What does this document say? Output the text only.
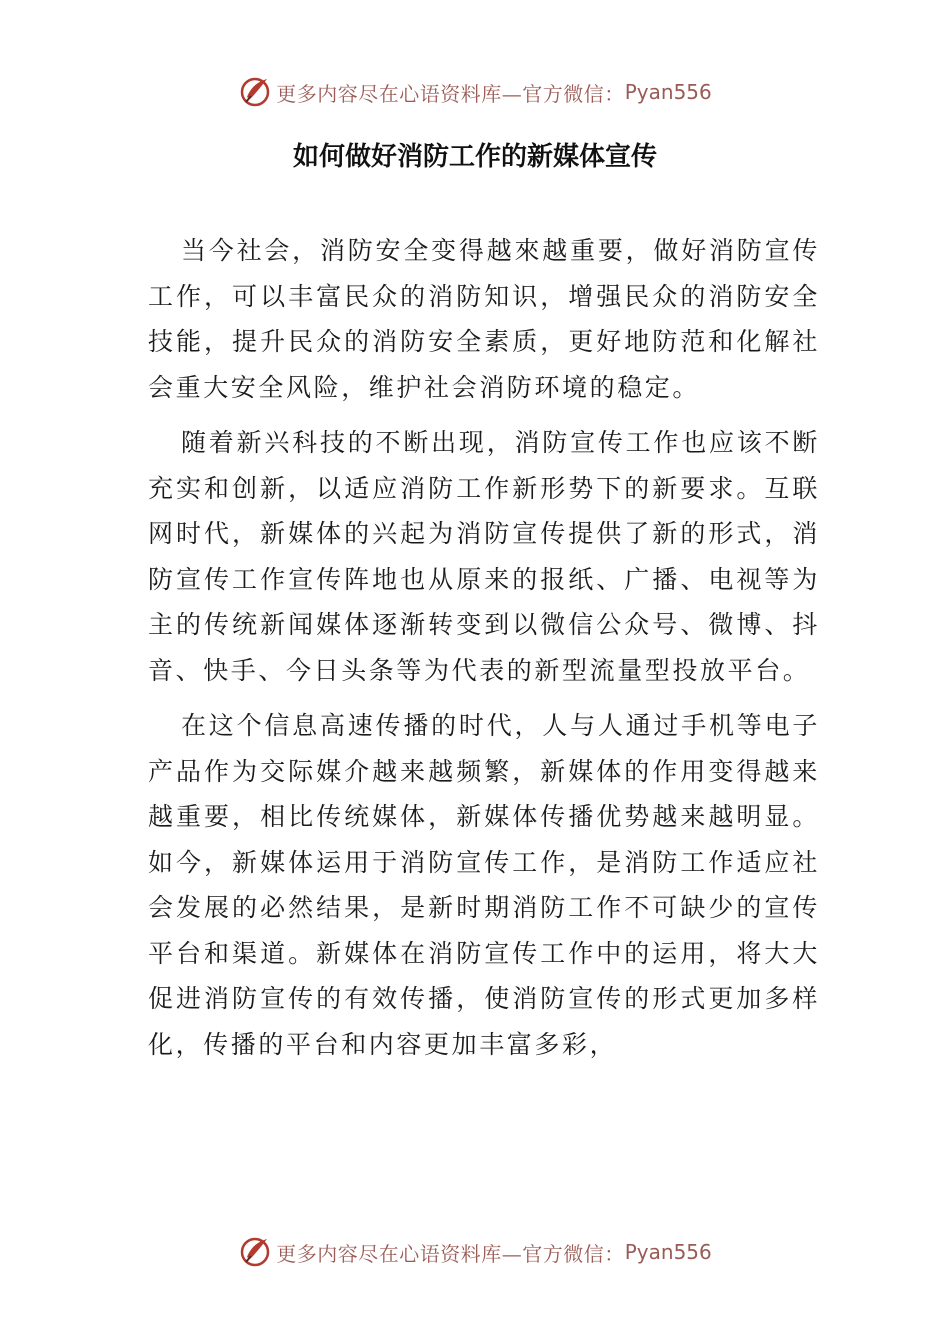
更多内容尽在心语资料库—官方微信： Pyan556
如何做好消防工作的新媒体宣传

当今社会，消防安全变得越來越重要，做好消防宣传工作，可以丰富民众的消防知识，增强民众的消防安全技能，提升民众的消防安全素质，更好地防范和化解社会重大安全风险，维护社会消防环境的稳定。

随着新兴科技的不断出现，消防宣传工作也应该不断充实和创新，以适应消防工作新形势下的新要求。互联网时代，新媒体的兴起为消防宣传提供了新的形式，消防宣传工作宣传阵地也从原来的报纸、广播、电视等为主的传统新闻媒体逐渐转变到以微信公众号、微博、抖音、快手、今日头条等为代表的新型流量型投放平台。

在这个信息高速传播的时代，人与人通过手机等电子产品作为交际媒介越来越频繁，新媒体的作用变得越来越重要，相比传统媒体，新媒体传播优势越来越明显。如今，新媒体运用于消防宣传工作，是消防工作适应社会发展的必然结果，是新时期消防工作不可缺少的宣传平台和渠道。新媒体在消防宣传工作中的运用，将大大促进消防宣传的有效传播，使消防宣传的形式更加多样化，传播的平台和内容更加丰富多彩，

更多内容尽在心语资料库—官方微信： Pyan556
